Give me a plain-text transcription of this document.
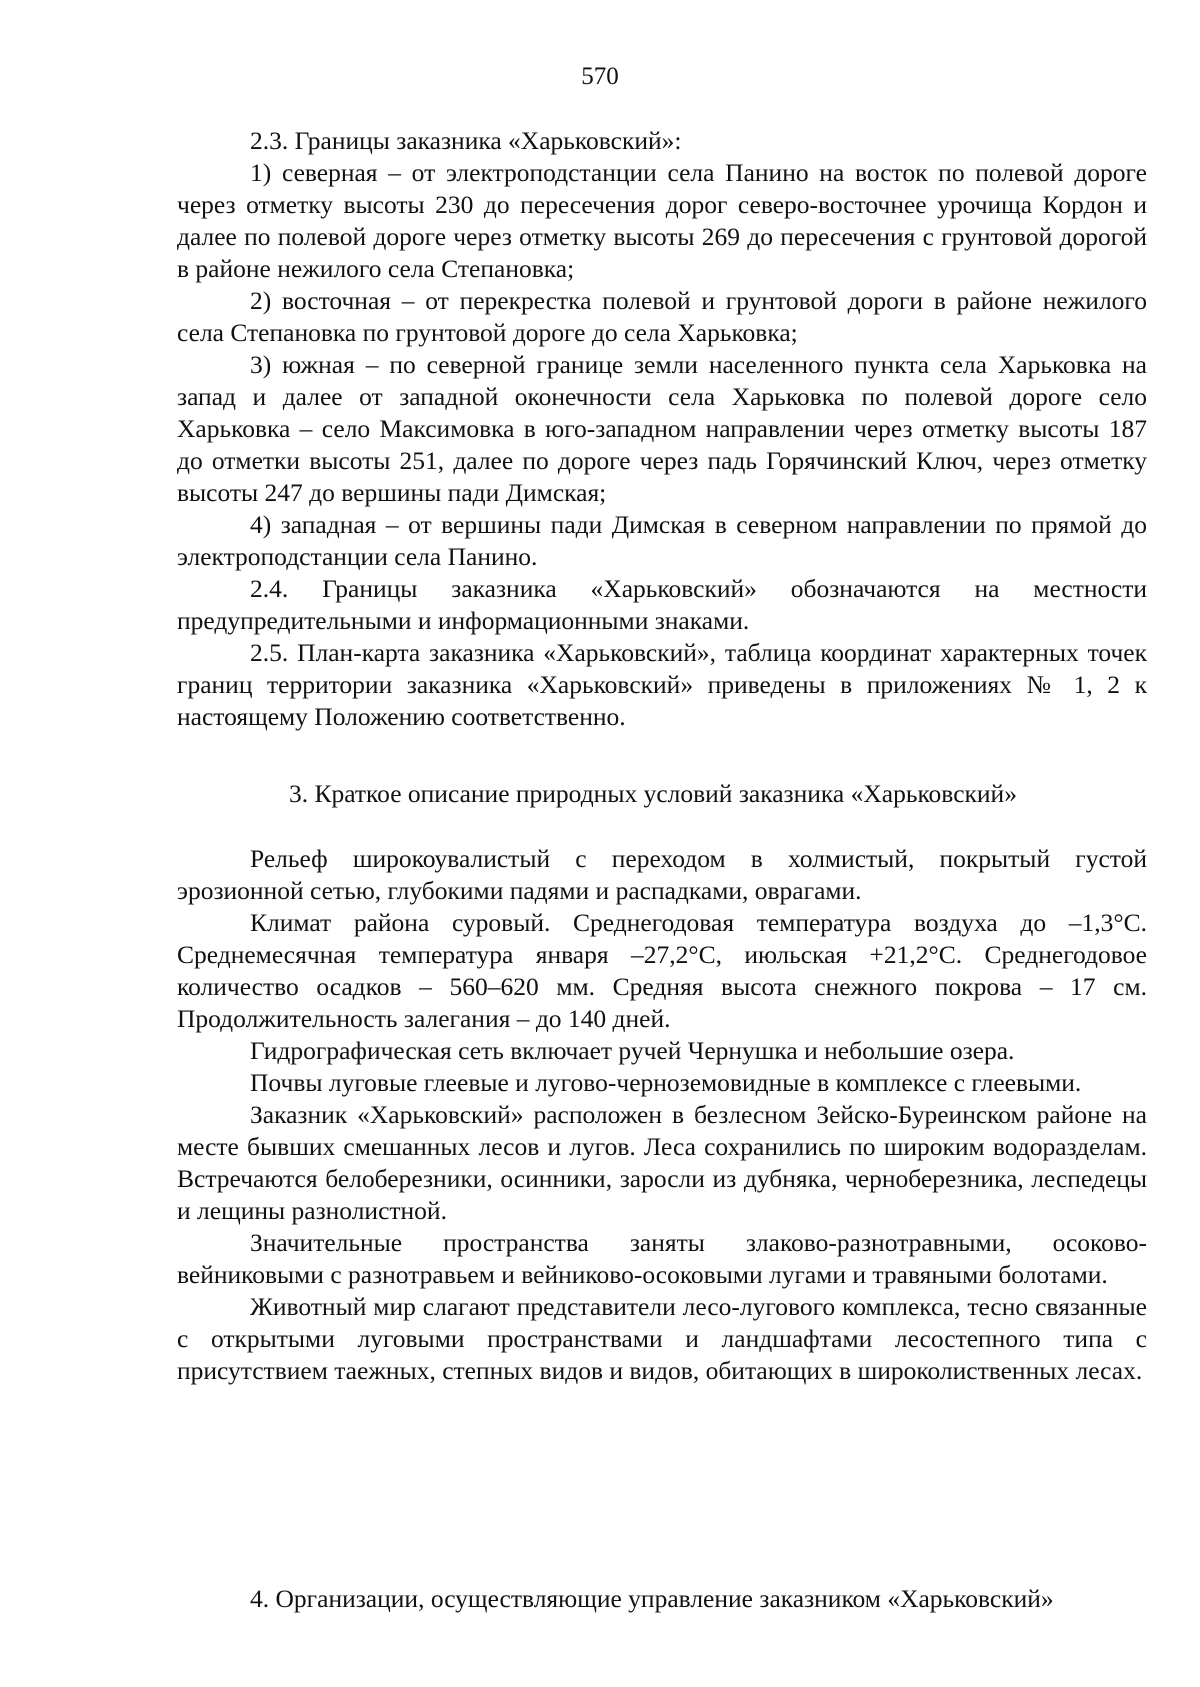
570

2.3. Границы заказника «Харьковский»:

1) северная – от электроподстанции села Панино на восток по полевой дороге через отметку высоты 230 до пересечения дорог северо-восточнее урочища Кордон и далее по полевой дороге через отметку высоты 269 до пересечения с грунтовой дорогой в районе нежилого села Степановка;

2) восточная – от перекрестка полевой и грунтовой дороги в районе нежилого села Степановка по грунтовой дороге до села Харьковка;

3) южная – по северной границе земли населенного пункта села Харьковка на запад и далее от западной оконечности села Харьковка по полевой дороге село Харьковка – село Максимовка в юго-западном направлении через отметку высоты 187 до отметки высоты 251, далее по дороге через падь Горячинский Ключ, через отметку высоты 247 до вершины пади Димская;

4) западная – от вершины пади Димская в северном направлении по прямой до электроподстанции села Панино.

2.4. Границы заказника «Харьковский» обозначаются на местности предупредительными и информационными знаками.

2.5. План-карта заказника «Харьковский», таблица координат характерных точек границ территории заказника «Харьковский» приведены в приложениях № 1, 2 к настоящему Положению соответственно.

3. Краткое описание природных условий заказника «Харьковский»

Рельеф широкоувалистый с переходом в холмистый, покрытый густой эрозионной сетью, глубокими падями и распадками, оврагами.

Климат района суровый. Среднегодовая температура воздуха до –1,3°С. Среднемесячная температура января –27,2°С, июльская +21,2°С. Среднегодовое количество осадков – 560–620 мм. Средняя высота снежного покрова – 17 см. Продолжительность залегания – до 140 дней.

Гидрографическая сеть включает ручей Чернушка и небольшие озера.

Почвы луговые глеевые и лугово-черноземовидные в комплексе с глеевыми.

Заказник «Харьковский» расположен в безлесном Зейско-Буреинском районе на месте бывших смешанных лесов и лугов. Леса сохранились по широким водоразделам. Встречаются белоберезники, осинники, заросли из дубняка, черноберезника, леспедецы и лещины разнолистной.

Значительные пространства заняты злаково-разнотравными, осоково-вейниковыми с разнотравьем и вейниково-осоковыми лугами и травяными болотами.

Животный мир слагают представители лесо-лугового комплекса, тесно связанные с открытыми луговыми пространствами и ландшафтами лесостепного типа с присутствием таежных, степных видов и видов, обитающих в широколиственных лесах.

4. Организации, осуществляющие управление заказником «Харьковский»
